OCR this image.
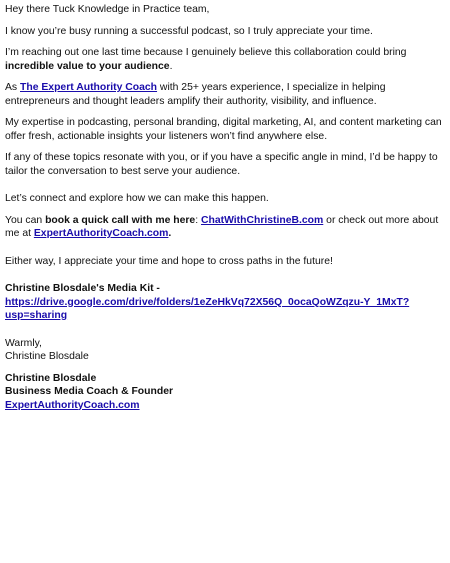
Hey there Tuck Knowledge in Practice team,

I know you’re busy running a successful podcast, so I truly appreciate your time.

I’m reaching out one last time because I genuinely believe this collaboration could bring incredible value to your audience.

As The Expert Authority Coach with 25+ years experience, I specialize in helping entrepreneurs and thought leaders amplify their authority, visibility, and influence.

My expertise in podcasting, personal branding, digital marketing, AI, and content marketing can offer fresh, actionable insights your listeners won’t find anywhere else.

If any of these topics resonate with you, or if you have a specific angle in mind, I’d be happy to tailor the conversation to best serve your audience.

Let’s connect and explore how we can make this happen.

You can book a quick call with me here: ChatWithChristineB.com or check out more about me at ExpertAuthorityCoach.com.

Either way, I appreciate your time and hope to cross paths in the future!

Christine Blosdale's Media Kit -
https://drive.google.com/drive/folders/1eZeHkVq72X56Q_0ocaQoWZqzu-Y_1MxT?usp=sharing

Warmly,
Christine Blosdale

Christine Blosdale
Business Media Coach & Founder
ExpertAuthorityCoach.com
